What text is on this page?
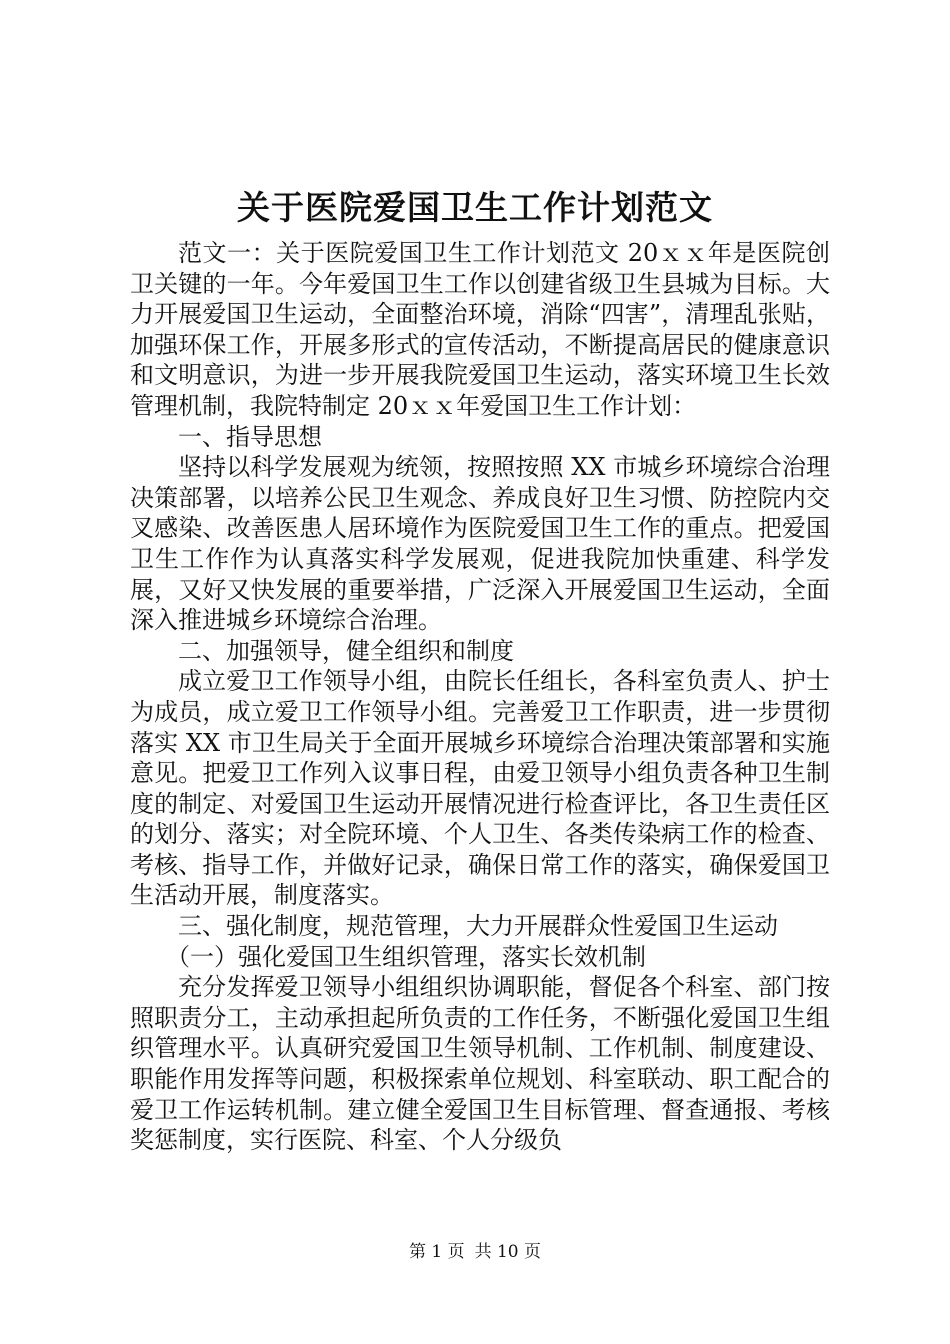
关于医院爱国卫生工作计划范文

范文一：关于医院爱国卫生工作计划范文 20ｘｘ年是医院创卫关键的一年。今年爱国卫生工作以创建省级卫生县城为目标。大力开展爱国卫生运动，全面整治环境，消除“四害”，清理乱张贴，加强环保工作，开展多形式的宣传活动，不断提高居民的健康意识和文明意识，为进一步开展我院爱国卫生运动，落实环境卫生长效管理机制，我院特制定 20ｘｘ年爱国卫生工作计划：

一、指导思想

坚持以科学发展观为统领，按照按照 XX 市城乡环境综合治理决策部署，以培养公民卫生观念、养成良好卫生习惯、防控院内交叉感染、改善医患人居环境作为医院爱国卫生工作的重点。把爱国卫生工作作为认真落实科学发展观，促进我院加快重建、科学发展，又好又快发展的重要举措，广泛深入开展爱国卫生运动，全面深入推进城乡环境综合治理。

二、加强领导，健全组织和制度

成立爱卫工作领导小组，由院长任组长，各科室负责人、护士为成员，成立爱卫工作领导小组。完善爱卫工作职责，进一步贯彻落实 XX 市卫生局关于全面开展城乡环境综合治理决策部署和实施意见。把爱卫工作列入议事日程，由爱卫领导小组负责各种卫生制度的制定、对爱国卫生运动开展情况进行检查评比，各卫生责任区的划分、落实；对全院环境、个人卫生、各类传染病工作的检查、考核、指导工作，并做好记录，确保日常工作的落实，确保爱国卫生活动开展，制度落实。

三、强化制度，规范管理，大力开展群众性爱国卫生运动

（一）强化爱国卫生组织管理，落实长效机制

充分发挥爱卫领导小组组织协调职能，督促各个科室、部门按照职责分工，主动承担起所负责的工作任务，不断强化爱国卫生组织管理水平。认真研究爱国卫生领导机制、工作机制、制度建设、职能作用发挥等问题，积极探索单位规划、科室联动、职工配合的爱卫工作运转机制。建立健全爱国卫生目标管理、督查通报、考核奖惩制度，实行医院、科室、个人分级负

第 1 页 共 10 页
